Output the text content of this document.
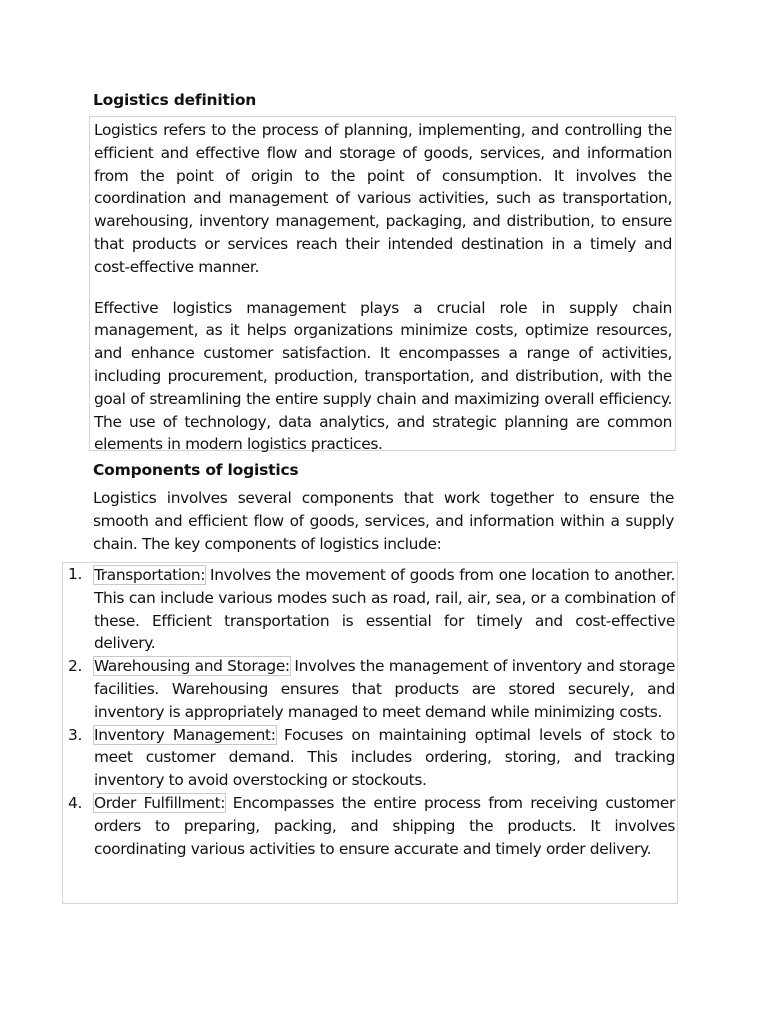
Logistics definition

Logistics refers to the process of planning, implementing, and controlling the efficient and effective flow and storage of goods, services, and information from the point of origin to the point of consumption. It involves the coordination and management of various activities, such as transportation, warehousing, inventory management, packaging, and distribution, to ensure that products or services reach their intended destination in a timely and cost-effective manner.

Effective logistics management plays a crucial role in supply chain management, as it helps organizations minimize costs, optimize resources, and enhance customer satisfaction. It encompasses a range of activities, including procurement, production, transportation, and distribution, with the goal of streamlining the entire supply chain and maximizing overall efficiency. The use of technology, data analytics, and strategic planning are common elements in modern logistics practices.

Components of logistics

Logistics involves several components that work together to ensure the smooth and efficient flow of goods, services, and information within a supply chain. The key components of logistics include:

1. Transportation: Involves the movement of goods from one location to another. This can include various modes such as road, rail, air, sea, or a combination of these. Efficient transportation is essential for timely and cost-effective delivery.
2. Warehousing and Storage: Involves the management of inventory and storage facilities. Warehousing ensures that products are stored securely, and inventory is appropriately managed to meet demand while minimizing costs.
3. Inventory Management: Focuses on maintaining optimal levels of stock to meet customer demand. This includes ordering, storing, and tracking inventory to avoid overstocking or stockouts.
4. Order Fulfillment: Encompasses the entire process from receiving customer orders to preparing, packing, and shipping the products. It involves coordinating various activities to ensure accurate and timely order delivery.
